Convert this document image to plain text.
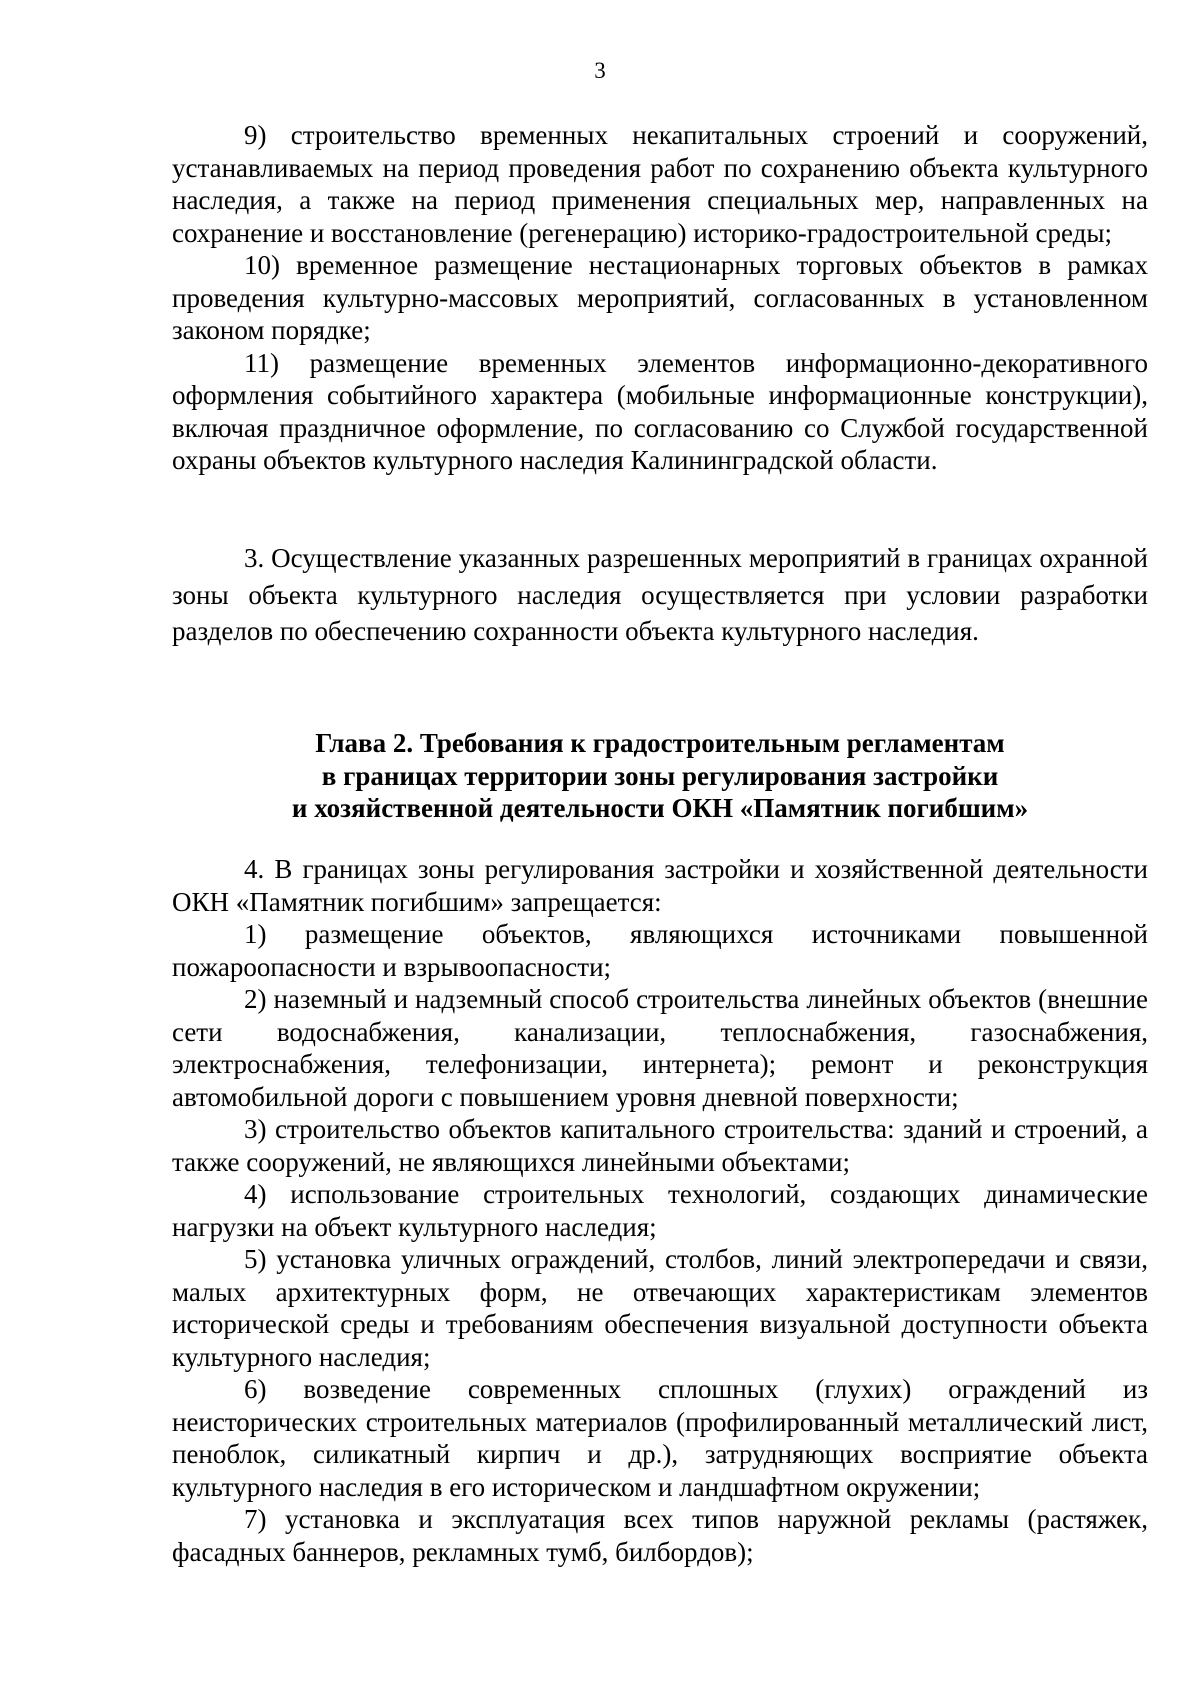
3

9) строительство временных некапитальных строений и сооружений, устанавливаемых на период проведения работ по сохранению объекта культурного наследия, а также на период применения специальных мер, направленных на сохранение и восстановление (регенерацию) историко-градостроительной среды;

10) временное размещение нестационарных торговых объектов в рамках проведения культурно-массовых мероприятий, согласованных в установленном законом порядке;

11) размещение временных элементов информационно-декоративного оформления событийного характера (мобильные информационные конструкции), включая праздничное оформление, по согласованию со Службой государственной охраны объектов культурного наследия Калининградской области.

3. Осуществление указанных разрешенных мероприятий в границах охранной зоны объекта культурного наследия осуществляется при условии разработки разделов по обеспечению сохранности объекта культурного наследия.

Глава 2. Требования к градостроительным регламентам
в границах территории зоны регулирования застройки
и хозяйственной деятельности ОКН «Памятник погибшим»

4. В границах зоны регулирования застройки и хозяйственной деятельности ОКН «Памятник погибшим» запрещается:

1) размещение объектов, являющихся источниками повышенной пожароопасности и взрывоопасности;

2) наземный и надземный способ строительства линейных объектов (внешние сети водоснабжения, канализации, теплоснабжения, газоснабжения, электроснабжения, телефонизации, интернета); ремонт и реконструкция автомобильной дороги с повышением уровня дневной поверхности;

3) строительство объектов капитального строительства: зданий и строений, а также сооружений, не являющихся линейными объектами;

4) использование строительных технологий, создающих динамические нагрузки на объект культурного наследия;

5) установка уличных ограждений, столбов, линий электропередачи и связи, малых архитектурных форм, не отвечающих характеристикам элементов исторической среды и требованиям обеспечения визуальной доступности объекта культурного наследия;

6) возведение современных сплошных (глухих) ограждений из неисторических строительных материалов (профилированный металлический лист, пеноблок, силикатный кирпич и др.), затрудняющих восприятие объекта культурного наследия в его историческом и ландшафтном окружении;

7) установка и эксплуатация всех типов наружной рекламы (растяжек, фасадных баннеров, рекламных тумб, билбордов);
